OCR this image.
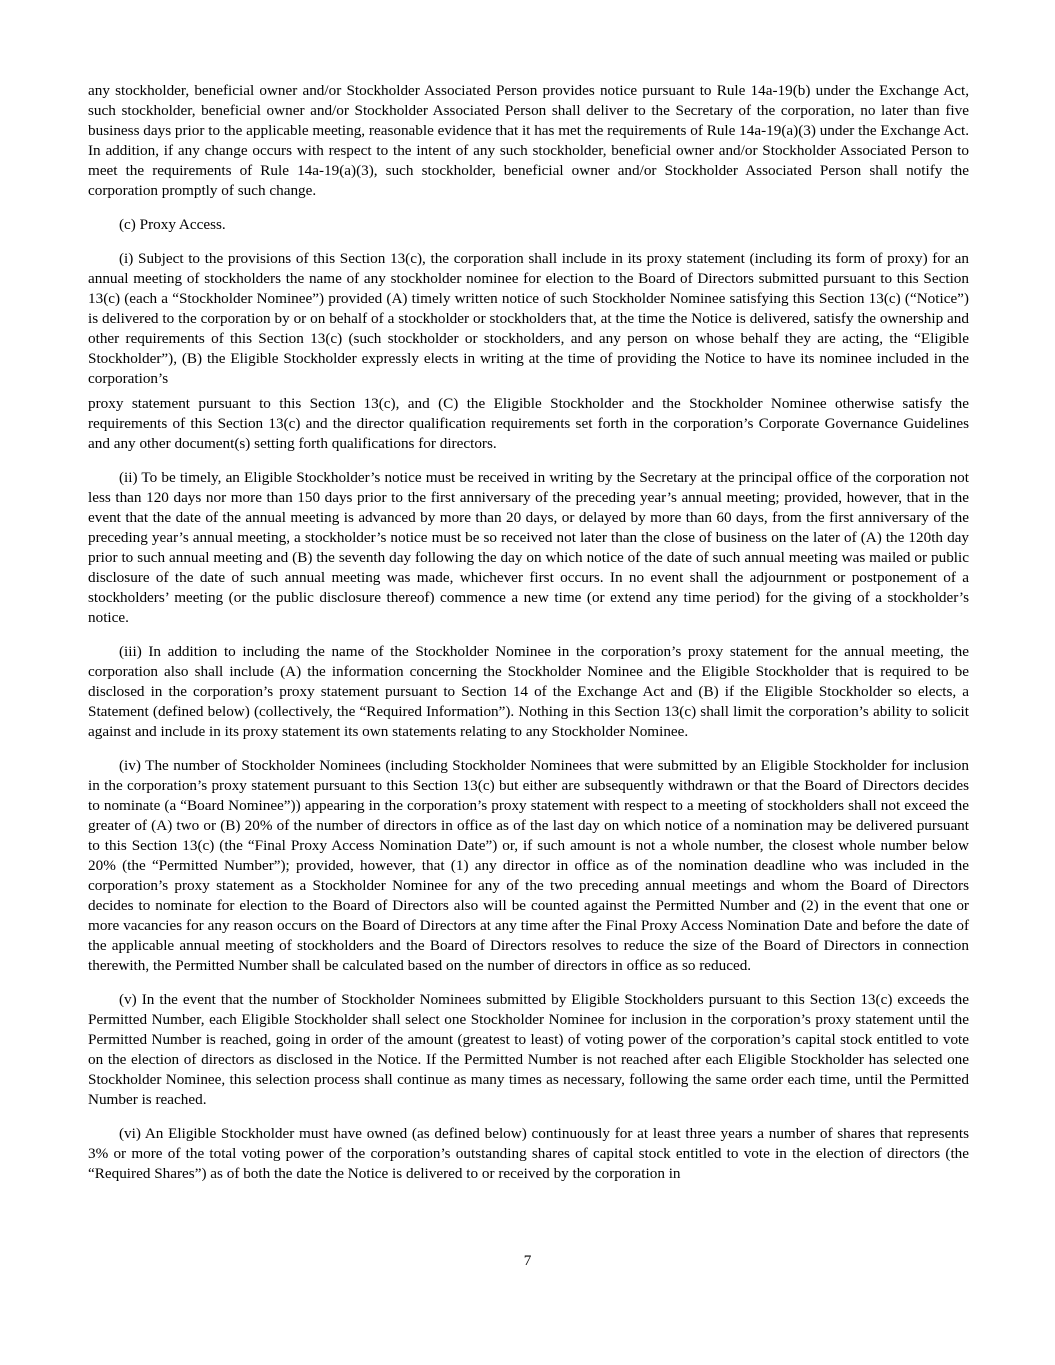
any stockholder, beneficial owner and/or Stockholder Associated Person provides notice pursuant to Rule 14a-19(b) under the Exchange Act, such stockholder, beneficial owner and/or Stockholder Associated Person shall deliver to the Secretary of the corporation, no later than five business days prior to the applicable meeting, reasonable evidence that it has met the requirements of Rule 14a-19(a)(3) under the Exchange Act. In addition, if any change occurs with respect to the intent of any such stockholder, beneficial owner and/or Stockholder Associated Person to meet the requirements of Rule 14a-19(a)(3), such stockholder, beneficial owner and/or Stockholder Associated Person shall notify the corporation promptly of such change.

(c) Proxy Access.

(i) Subject to the provisions of this Section 13(c), the corporation shall include in its proxy statement (including its form of proxy) for an annual meeting of stockholders the name of any stockholder nominee for election to the Board of Directors submitted pursuant to this Section 13(c) (each a “Stockholder Nominee”) provided (A) timely written notice of such Stockholder Nominee satisfying this Section 13(c) (“Notice”) is delivered to the corporation by or on behalf of a stockholder or stockholders that, at the time the Notice is delivered, satisfy the ownership and other requirements of this Section 13(c) (such stockholder or stockholders, and any person on whose behalf they are acting, the “Eligible Stockholder”), (B) the Eligible Stockholder expressly elects in writing at the time of providing the Notice to have its nominee included in the corporation’s

proxy statement pursuant to this Section 13(c), and (C) the Eligible Stockholder and the Stockholder Nominee otherwise satisfy the requirements of this Section 13(c) and the director qualification requirements set forth in the corporation’s Corporate Governance Guidelines and any other document(s) setting forth qualifications for directors.

(ii) To be timely, an Eligible Stockholder’s notice must be received in writing by the Secretary at the principal office of the corporation not less than 120 days nor more than 150 days prior to the first anniversary of the preceding year’s annual meeting; provided, however, that in the event that the date of the annual meeting is advanced by more than 20 days, or delayed by more than 60 days, from the first anniversary of the preceding year’s annual meeting, a stockholder’s notice must be so received not later than the close of business on the later of (A) the 120th day prior to such annual meeting and (B) the seventh day following the day on which notice of the date of such annual meeting was mailed or public disclosure of the date of such annual meeting was made, whichever first occurs. In no event shall the adjournment or postponement of a stockholders’ meeting (or the public disclosure thereof) commence a new time (or extend any time period) for the giving of a stockholder’s notice.

(iii) In addition to including the name of the Stockholder Nominee in the corporation’s proxy statement for the annual meeting, the corporation also shall include (A) the information concerning the Stockholder Nominee and the Eligible Stockholder that is required to be disclosed in the corporation’s proxy statement pursuant to Section 14 of the Exchange Act and (B) if the Eligible Stockholder so elects, a Statement (defined below) (collectively, the “Required Information”). Nothing in this Section 13(c) shall limit the corporation’s ability to solicit against and include in its proxy statement its own statements relating to any Stockholder Nominee.

(iv) The number of Stockholder Nominees (including Stockholder Nominees that were submitted by an Eligible Stockholder for inclusion in the corporation’s proxy statement pursuant to this Section 13(c) but either are subsequently withdrawn or that the Board of Directors decides to nominate (a “Board Nominee”)) appearing in the corporation’s proxy statement with respect to a meeting of stockholders shall not exceed the greater of (A) two or (B) 20% of the number of directors in office as of the last day on which notice of a nomination may be delivered pursuant to this Section 13(c) (the “Final Proxy Access Nomination Date”) or, if such amount is not a whole number, the closest whole number below 20% (the “Permitted Number”); provided, however, that (1) any director in office as of the nomination deadline who was included in the corporation’s proxy statement as a Stockholder Nominee for any of the two preceding annual meetings and whom the Board of Directors decides to nominate for election to the Board of Directors also will be counted against the Permitted Number and (2) in the event that one or more vacancies for any reason occurs on the Board of Directors at any time after the Final Proxy Access Nomination Date and before the date of the applicable annual meeting of stockholders and the Board of Directors resolves to reduce the size of the Board of Directors in connection therewith, the Permitted Number shall be calculated based on the number of directors in office as so reduced.

(v) In the event that the number of Stockholder Nominees submitted by Eligible Stockholders pursuant to this Section 13(c) exceeds the Permitted Number, each Eligible Stockholder shall select one Stockholder Nominee for inclusion in the corporation’s proxy statement until the Permitted Number is reached, going in order of the amount (greatest to least) of voting power of the corporation’s capital stock entitled to vote on the election of directors as disclosed in the Notice. If the Permitted Number is not reached after each Eligible Stockholder has selected one Stockholder Nominee, this selection process shall continue as many times as necessary, following the same order each time, until the Permitted Number is reached.

(vi) An Eligible Stockholder must have owned (as defined below) continuously for at least three years a number of shares that represents 3% or more of the total voting power of the corporation’s outstanding shares of capital stock entitled to vote in the election of directors (the “Required Shares”) as of both the date the Notice is delivered to or received by the corporation in

7
